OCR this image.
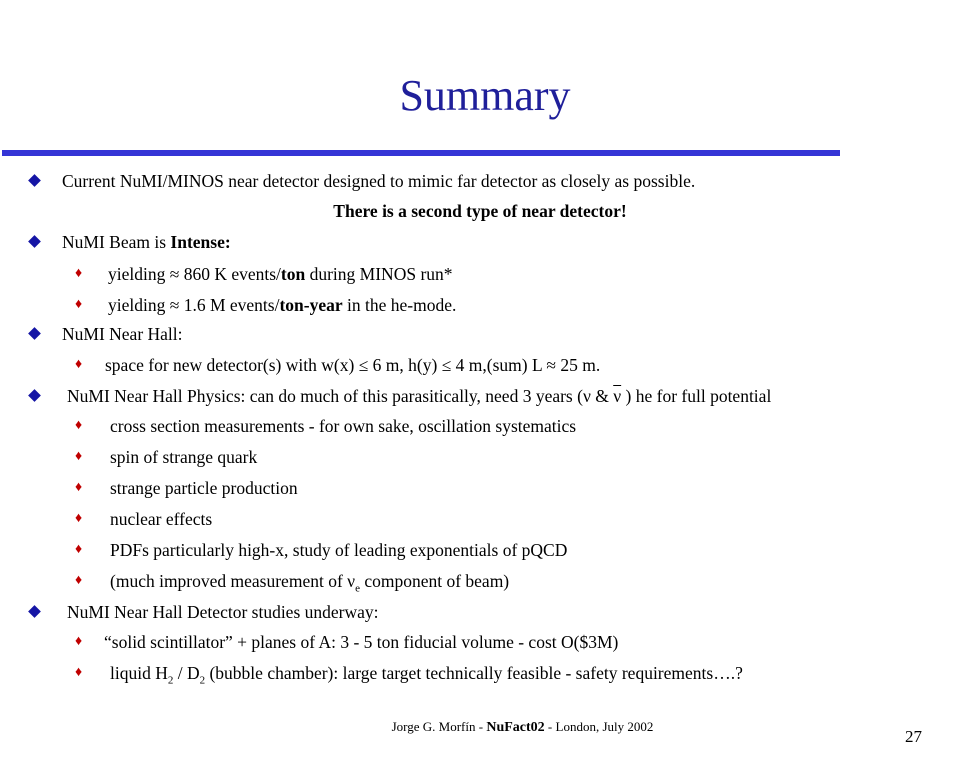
Summary
Current NuMI/MINOS near detector designed to mimic far detector as closely as possible.
There is a second type of near detector!
NuMI Beam is Intense:
♦ yielding ≈ 860 K events/ton during MINOS run*
♦ yielding ≈ 1.6 M events/ton-year in the he-mode.
NuMI Near Hall:
♦ space for new detector(s) with w(x) ≤ 6 m, h(y) ≤ 4 m,(sum) L ≈ 25 m.
NuMI Near Hall Physics: can do much of this parasitically, need 3 years (ν & $\overline{\nu}$ ) he for full potential
♦ cross section measurements - for own sake, oscillation systematics
♦ spin of strange quark
♦ strange particle production
♦ nuclear effects
♦ PDFs particularly high-x, study of leading exponentials of pQCD
♦ (much improved measurement of $\nu_e$ component of beam)
NuMI Near Hall Detector studies underway:
♦ “solid scintillator” + planes of A: 3 - 5 ton fiducial volume - cost O($3M)
♦ liquid $H_2 / D_2$ (bubble chamber): large target technically feasible - safety requirements….?
Jorge G. Morfín - NuFact02 - London, July 2002
27
